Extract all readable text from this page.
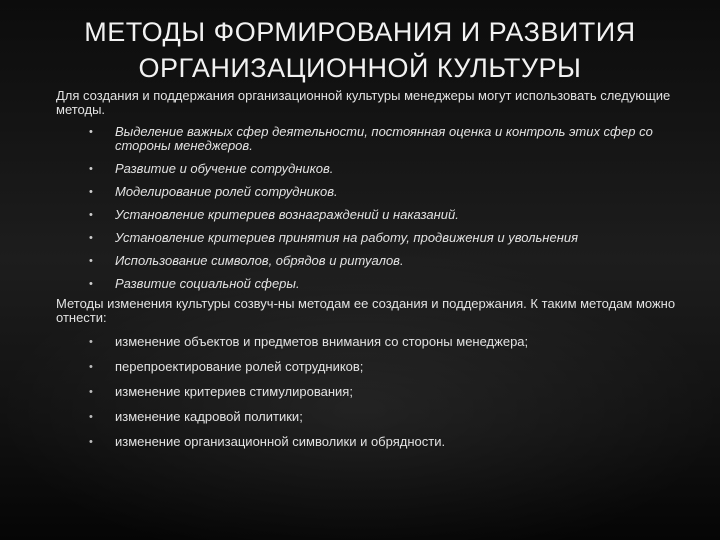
МЕТОДЫ ФОРМИРОВАНИЯ И РАЗВИТИЯ
ОРГАНИЗАЦИОННОЙ КУЛЬТУРЫ

Для создания и поддержания организационной культуры менеджеры могут использовать следующие методы.

• Выделение важных сфер деятельности, постоянная оценка и контроль этих сфер со стороны менеджеров.
• Развитие и обучение сотрудников.
• Моделирование ролей сотрудников.
• Установление критериев вознаграждений и наказаний.
• Установление критериев принятия на работу, продвижения и увольнения
• Использование символов, обрядов и ритуалов.
• Развитие социальной сферы.

Методы изменения культуры созвуч-ны методам ее создания и поддержания. К таким методам можно отнести:

• изменение объектов и предметов внимания со стороны менеджера;
• перепроектирование ролей сотрудников;
• изменение критериев стимулирования;
• изменение кадровой политики;
• изменение организационной символики и обрядности.
